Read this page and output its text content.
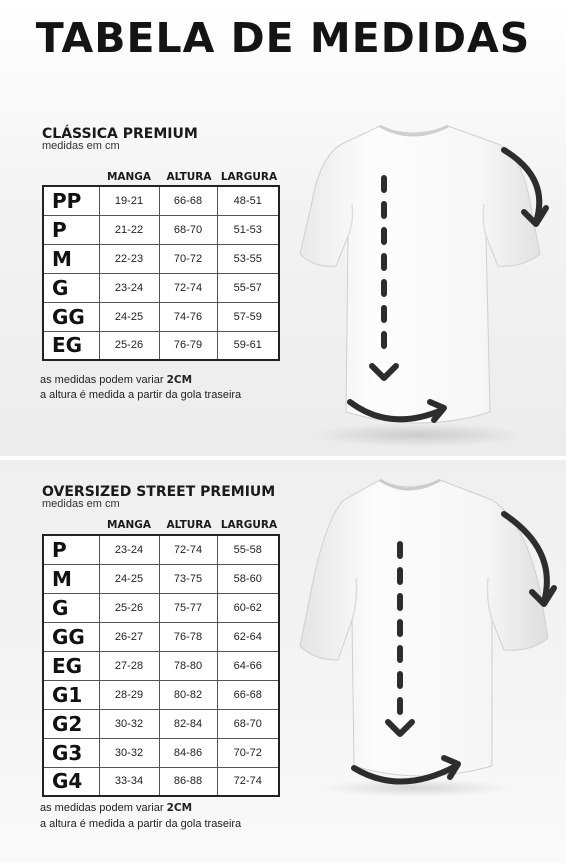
TABELA DE MEDIDAS
CLÁSSICA PREMIUM
medidas em cm
MANGA	ALTURA LARGURA
PP	19-21	66-68	48-51
P	21-22	68-70	51-53
M	22-23	70-72	53-55
G	23-24	72-74	55-57
GG	24-25	74-76	57-59
EG	25-26	76-79	59-61
as medidas podem variar 2CM
a altura é medida a partir da gola traseira
OVERSIZED STREET PREMIUM
medidas em cm
MANGA	ALTURA LARGURA
P	23-24	72-74	55-58
M	24-25	73-75	58-60
G	25-26	75-77	60-62
GG	26-27	76-78	62-64
EG	27-28	78-80	64-66
G1	28-29	80-82	66-68
G2	30-32	82-84	68-70
G3	30-32	84-86	70-72
G4	33-34	86-88	72-74
as medidas podem variar 2CM
a altura é medida a partir da gola traseira
